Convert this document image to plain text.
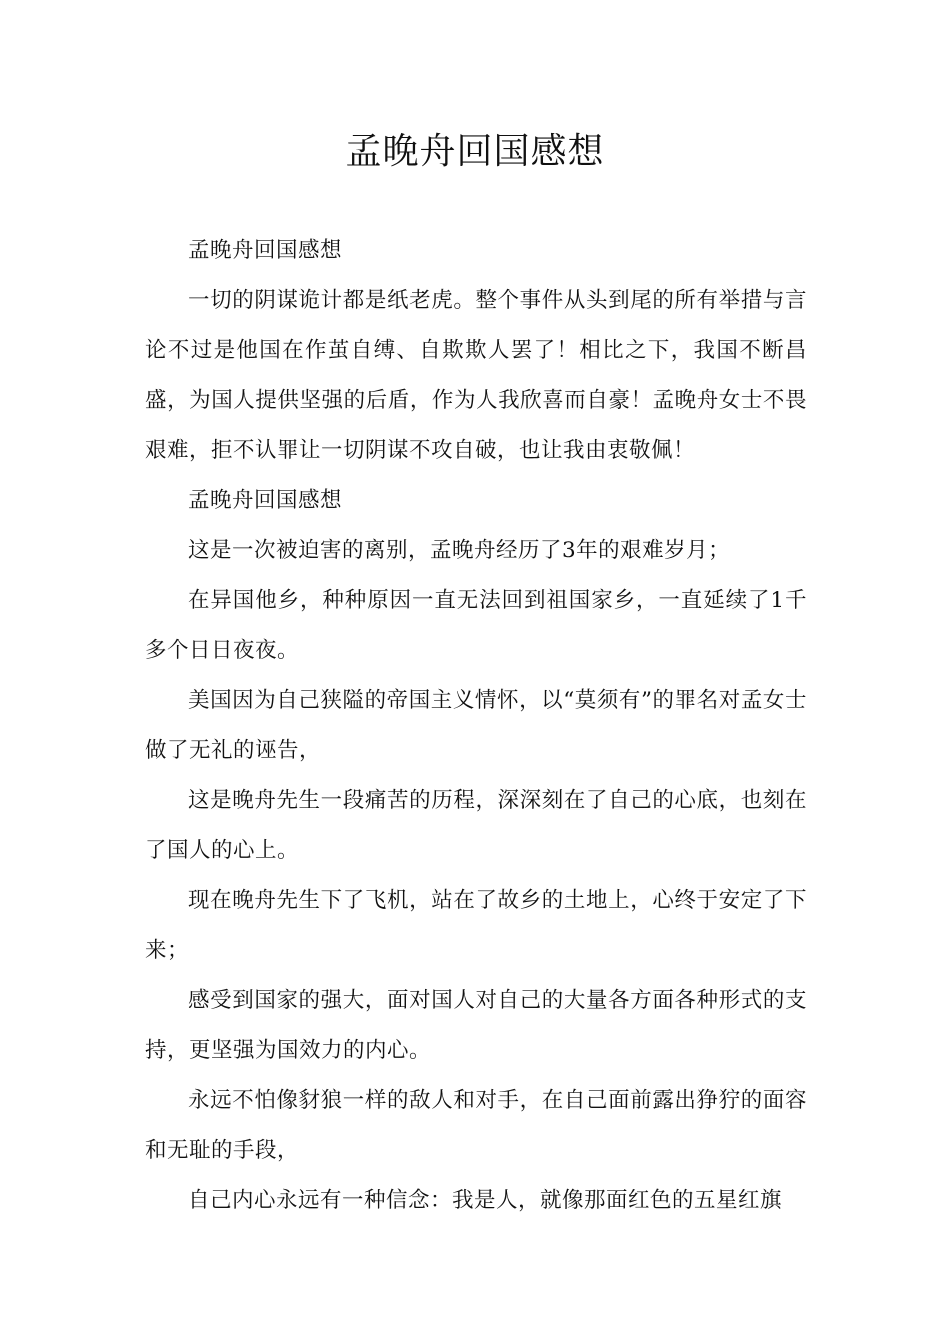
孟晚舟回国感想

孟晚舟回国感想

一切的阴谋诡计都是纸老虎。整个事件从头到尾的所有举措与言论不过是他国在作茧自缚、自欺欺人罢了！相比之下，我国不断昌盛，为国人提供坚强的后盾，作为人我欣喜而自豪！孟晚舟女士不畏艰难，拒不认罪让一切阴谋不攻自破，也让我由衷敬佩！

孟晚舟回国感想

这是一次被迫害的离别，孟晚舟经历了3年的艰难岁月；

在异国他乡，种种原因一直无法回到祖国家乡，一直延续了1千多个日日夜夜。

美国因为自己狭隘的帝国主义情怀，以“莫须有”的罪名对孟女士做了无礼的诬告，

这是晚舟先生一段痛苦的历程，深深刻在了自己的心底，也刻在了国人的心上。

现在晚舟先生下了飞机，站在了故乡的土地上，心终于安定了下来；

感受到国家的强大，面对国人对自己的大量各方面各种形式的支持，更坚强为国效力的内心。

永远不怕像豺狼一样的敌人和对手，在自己面前露出狰狞的面容和无耻的手段，

自己内心永远有一种信念：我是人，就像那面红色的五星红旗
